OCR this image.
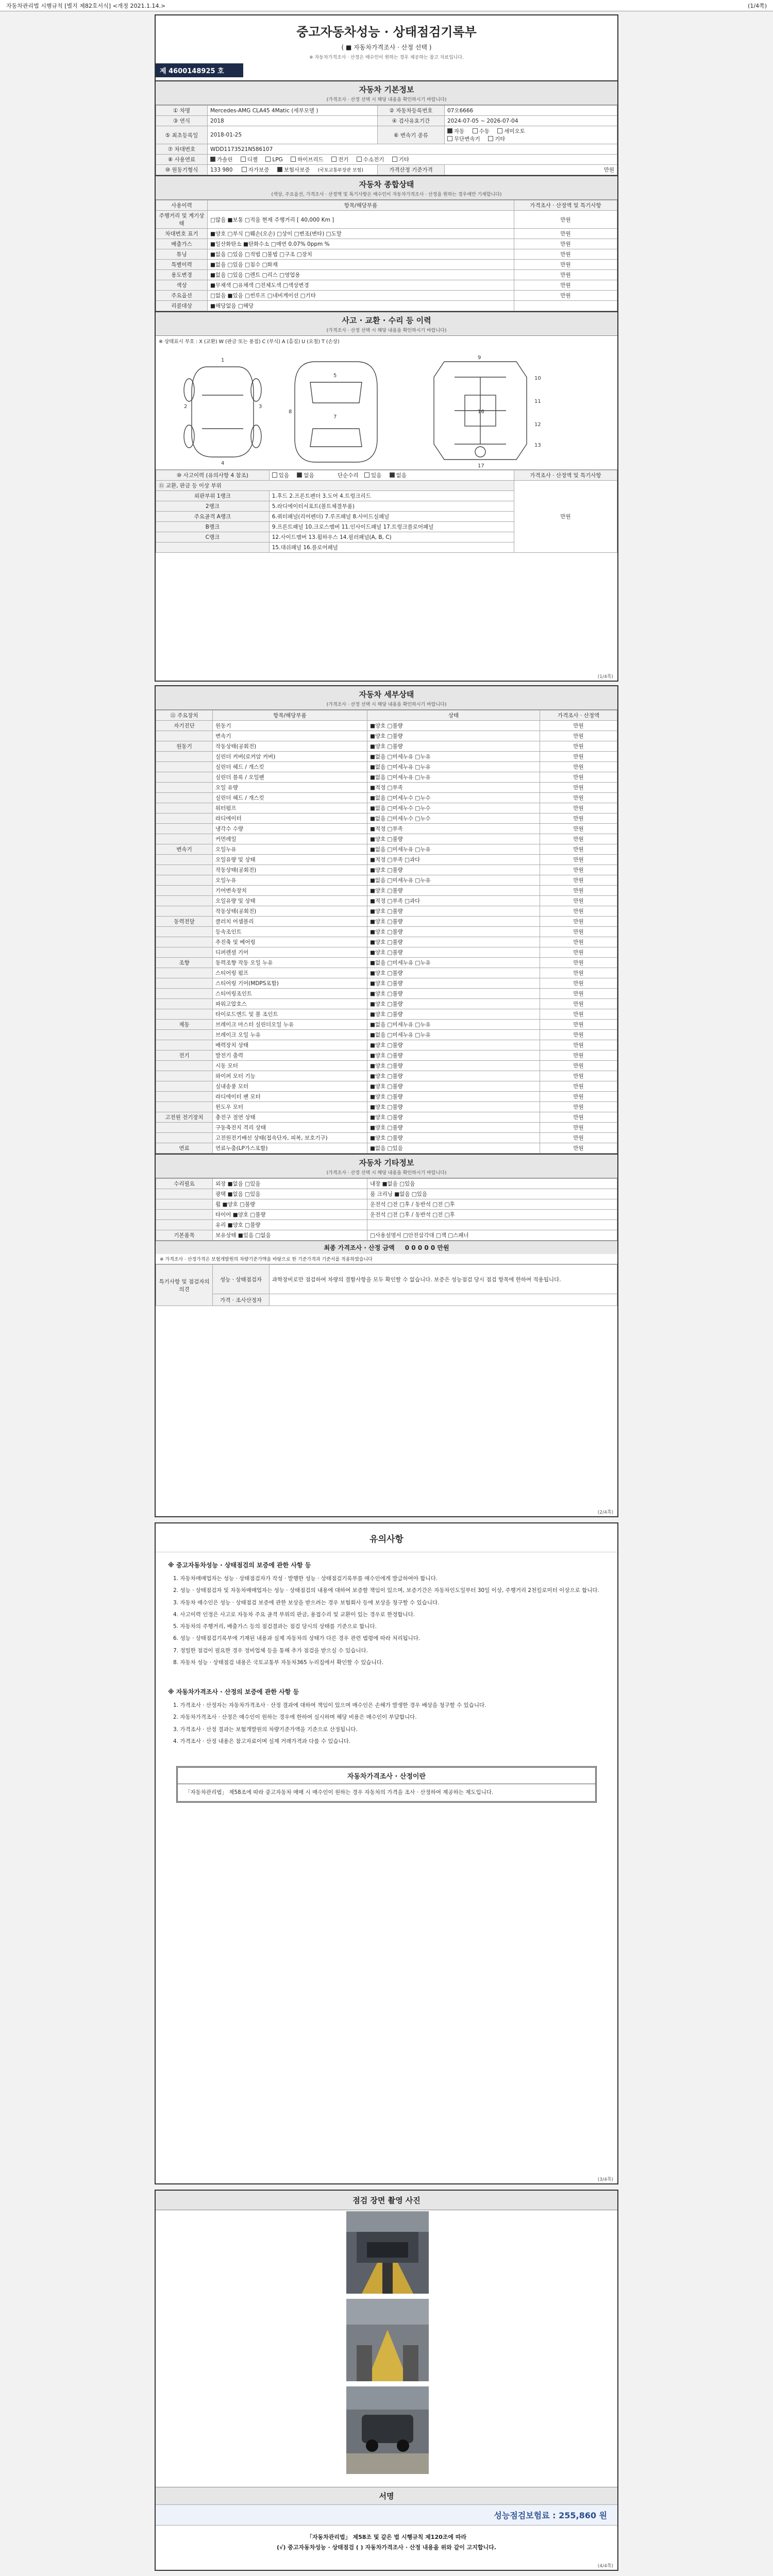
자동차관리법 시행규칙 [별지 제82호서식] <개정 2021.1.14.>	(1/4쪽)
중고자동차성능 · 상태점검기록부
( ■ 자동차가격조사 · 산정 선택 )
※ 자동차가격조사 · 산정은 매수인이 원하는 경우 제공하는 참고 자료입니다.
제 4600148925 호
자동차 기본정보
(가격조사 · 산정 선택 시 해당 내용을 확인하시기 바랍니다)
① 차명	Mercedes-AMG CLA45 4Matic (세부모델 )	② 자동차등록번호	07오6666
③ 연식	2018	④ 검사유효기간	2024-07-05 ~ 2026-07-04
⑤ 최초등록일	2018-01-25	⑥ 변속기 종류	자동 수동 세미오토
무단변속기 기타
⑦ 차대번호	WDD1173521N586107		
⑧ 사용연료	가솔린 디젤 LPG 하이브리드 전기 수소전기 기타		
⑩ 원동기형식	133 980 자가보증 보험사보증 (국토교통부장관 보험)	가격산정 기준가격	만원
자동차 종합상태
(색상, 주요옵션, 가격조사 · 산정액 및 특기사항은 매수인이 자동차가격조사 · 산정을 원하는 경우에만 기재합니다)
사용이력	항목/해당부품	가격조사 · 산정액 및 특기사항
주행거리 및 계기상태	□많음 ■보통 □적음 현재 주행거리 [ 40,000 Km ]	만원
차대번호 표기	■양호 □부식 □훼손(오손) □상이 □변조(변타) □도말	만원
배출가스	■일산화탄소 ■탄화수소 □매연 0.07% 0ppm %	만원
튜닝	■없음 □있음 □적법 □불법 □구조 □장치	만원
특별이력	■없음 □있음 □침수 □화재	만원
용도변경	■없음 □있음 □렌트 □리스 □영업용	만원
색상	■무채색 □유채색 □전체도색 □색상변경	만원
주요옵션	□없음 ■있음 □썬루프 □네비게이션 □기타	만원
리콜대상	■해당없음 □해당	
사고 · 교환 · 수리 등 이력
(가격조사 · 산정 선택 시 해당 내용을 확인하시기 바랍니다)
※ 상태표시 부호 : X (교환) W (판금 또는 용접) C (부식) A (흠집) U (요철) T (손상)
1
2	3
4
5
7
8
9
10
11
12
13
16
17
⑩ 사고이력 (유의사항 4 참조)	있음 없음 단순수리 있음 없음	가격조사 · 산정액 및 특기사항
⑪ 교환, 판금 등 이상 부위		만원
외판부위 1랭크	1.후드 2.프론트펜더 3.도어 4.트렁크리드	
2랭크	5.라디에이터서포트(볼트체결부품)	
주요골격 A랭크	6.쿼터패널(리어펜더) 7.루프패널 8.사이드실패널	
B랭크	9.프론트패널 10.크로스멤버 11.인사이드패널 17.트렁크플로어패널	
C랭크	12.사이드멤버 13.휠하우스 14.필러패널(A, B, C)	
	15.대쉬패널 16.플로어패널	
(1/4쪽)
자동차 세부상태
(가격조사 · 산정 선택 시 해당 내용을 확인하시기 바랍니다)
⑫ 주요장치	항목/해당부품	상태	가격조사 · 산정액
자기진단	원동기	■양호 □불량	만원
	변속기	■양호 □불량	만원
원동기	작동상태(공회전)	■양호 □불량	만원
	실린더 커버(로커암 커버)	■없음 □미세누유 □누유	만원
	실린더 헤드 / 개스킷	■없음 □미세누유 □누유	만원
	실린더 블록 / 오일팬	■없음 □미세누유 □누유	만원
	오일 유량	■적정 □부족	만원
	실린더 헤드 / 개스킷	■없음 □미세누수 □누수	만원
	워터펌프	■없음 □미세누수 □누수	만원
	라디에이터	■없음 □미세누수 □누수	만원
	냉각수 수량	■적정 □부족	만원
	커먼레일	■양호 □불량	만원
변속기	오일누유	■없음 □미세누유 □누유	만원
	오일유량 및 상태	■적정 □부족 □과다	만원
	작동상태(공회전)	■양호 □불량	만원
	오일누유	■없음 □미세누유 □누유	만원
	기어변속장치	■양호 □불량	만원
	오일유량 및 상태	■적정 □부족 □과다	만원
	작동상태(공회전)	■양호 □불량	만원
동력전달	클러치 어셈블리	■양호 □불량	만원
	등속조인트	■양호 □불량	만원
	추진축 및 베어링	■양호 □불량	만원
	디퍼렌셜 기어	■양호 □불량	만원
조향	동력조향 작동 오일 누유	■없음 □미세누유 □누유	만원
	스티어링 펌프	■양호 □불량	만원
	스티어링 기어(MDPS포함)	■양호 □불량	만원
	스티어링조인트	■양호 □불량	만원
	파워고압호스	■양호 □불량	만원
	타이로드엔드 및 볼 조인트	■양호 □불량	만원
제동	브레이크 마스터 실린더오일 누유	■없음 □미세누유 □누유	만원
	브레이크 오일 누유	■없음 □미세누유 □누유	만원
	배력장치 상태	■양호 □불량	만원
전기	발전기 출력	■양호 □불량	만원
	시동 모터	■양호 □불량	만원
	와이퍼 모터 기능	■양호 □불량	만원
	실내송풍 모터	■양호 □불량	만원
	라디에이터 팬 모터	■양호 □불량	만원
	윈도우 모터	■양호 □불량	만원
고전원 전기장치	충전구 절연 상태	■양호 □불량	만원
	구동축전지 격리 상태	■양호 □불량	만원
	고전원전기배선 상태(접속단자, 피복, 보호기구)	■양호 □불량	만원
연료	연료누출(LP가스포함)	■없음 □있음	만원
자동차 기타정보
(가격조사 · 산정 선택 시 해당 내용을 확인하시기 바랍니다)
수리필요	외장 ■없음 □있음	내장 ■없음 □있음
	광택 ■없음 □있음	룸 크리닝 ■없음 □있음
	휠 ■양호 □불량	운전석 □전 □후 / 동반석 □전 □후
	타이어 ■양호 □불량	운전석 □전 □후 / 동반석 □전 □후
	유리 ■양호 □불량	
기본품목	보유상태 ■있음 □없음	□사용설명서 □안전삼각대 □잭 □스패너
최종 가격조사 · 산정 금액 0 0 0 0 0 만원
※ 가격조사 · 산정가격은 보험개발원의 차량기준가액을 바탕으로 한 기준가격과 기준서를 적용하였습니다
특기사항 및 점검자의 의견	성능 · 상태점검자	과학장비로만 점검하여 차량의 결함사항을 모두 확인할 수 없습니다. 보증은 성능점검 당시 점검 항목에 한하여 적용됩니다.
	가격 · 조사산정자	
(2/4쪽)
유의사항
※ 중고자동차성능 · 상태점검의 보증에 관한 사항 등

1. 자동차매매업자는 성능 · 상태점검자가 작성 · 발행한 성능 · 상태점검기록부를 매수인에게 발급하여야 합니다.

2. 성능 · 상태점검자 및 자동차매매업자는 성능 · 상태점검의 내용에 대하여 보증할 책임이 있으며, 보증기간은 자동차인도일부터 30일 이상, 주행거리 2천킬로미터 이상으로 합니다.

3. 자동차 매수인은 성능 · 상태점검 보증에 관한 보상을 받으려는 경우 보험회사 등에 보상을 청구할 수 있습니다.

4. 사고이력 인정은 사고로 자동차 주요 골격 부위의 판금, 용접수리 및 교환이 있는 경우로 한정합니다.

5. 자동차의 주행거리, 배출가스 등의 점검결과는 점검 당시의 상태를 기준으로 합니다.

6. 성능 · 상태점검기록부에 기재된 내용과 실제 자동차의 상태가 다른 경우 관련 법령에 따라 처리됩니다.

7. 정밀한 점검이 필요한 경우 정비업체 등을 통해 추가 점검을 받으실 수 있습니다.

8. 자동차 성능 · 상태점검 내용은 국토교통부 자동차365 누리집에서 확인할 수 있습니다.

※ 자동차가격조사 · 산정의 보증에 관한 사항 등

1. 가격조사 · 산정자는 자동차가격조사 · 산정 결과에 대하여 책임이 있으며 매수인은 손해가 발생한 경우 배상을 청구할 수 있습니다.

2. 자동차가격조사 · 산정은 매수인이 원하는 경우에 한하여 실시하며 해당 비용은 매수인이 부담합니다.

3. 가격조사 · 산정 결과는 보험개발원의 차량기준가액을 기준으로 산정됩니다.

4. 가격조사 · 산정 내용은 참고자료이며 실제 거래가격과 다를 수 있습니다.

자동차가격조사 · 산정이란
「자동차관리법」 제58조에 따라 중고자동차 매매 시 매수인이 원하는 경우 자동차의 가격을 조사 · 산정하여 제공하는 제도입니다.
(3/4쪽)
점검 장면 촬영 사진
서명
성능점검보험료 : 255,860 원
「자동차관리법」 제58조 및 같은 법 시행규칙 제120조에 따라
(√) 중고자동차성능 · 상태점검 ( ) 자동차가격조사 · 산정 내용을 위와 같이 고지합니다.
(4/4쪽)
